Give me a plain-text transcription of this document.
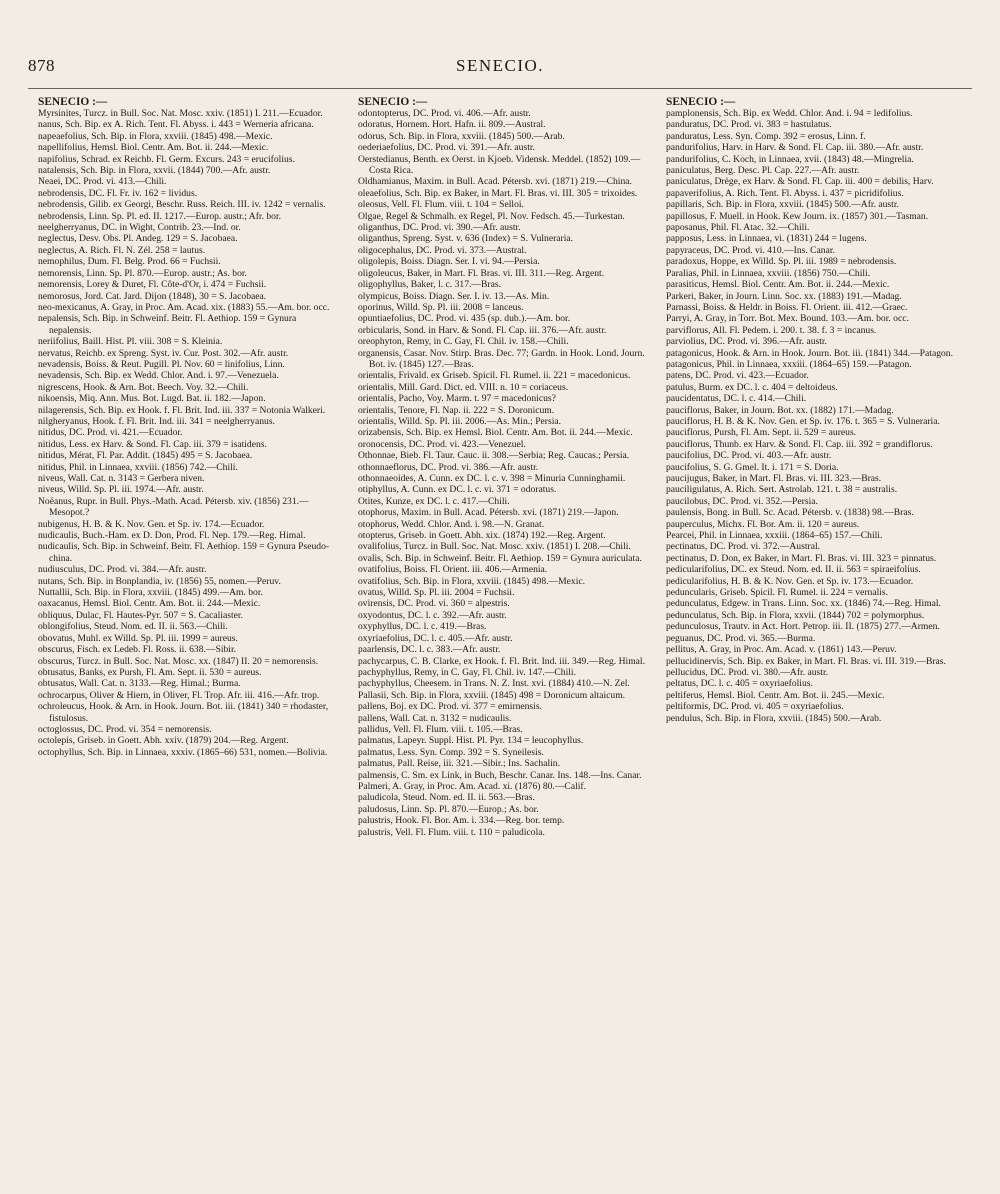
878	SENECIO.
SENECIO :—

Myrsinites, Turcz. in Bull. Soc. Nat. Mosc. xxiv. (1851) I. 211.—Ecuador.

nanus, Sch. Bip. ex A. Rich. Tent. Fl. Abyss. i. 443 = Werneria africana.

napeaefolius, Sch. Bip. in Flora, xxviii. (1845) 498.—Mexic.

napellifolius, Hemsl. Biol. Centr. Am. Bot. ii. 244.—Mexic.

napifolius, Schrad. ex Reichb. Fl. Germ. Excurs. 243 = erucifolius.

natalensis, Sch. Bip. in Flora, xxvii. (1844) 700.—Afr. austr.

Neaei, DC. Prod. vi. 413.—Chili.

nebrodensis, DC. Fl. Fr. iv. 162 = lividus.

nebrodensis, Gilib. ex Georgi, Beschr. Russ. Reich. III. iv. 1242 = vernalis.

nebrodensis, Linn. Sp. Pl. ed. II. 1217.—Europ. austr.; Afr. bor.

neelgherryanus, DC. in Wight, Contrib. 23.—Ind. or.

neglectus, Desv. Obs. Pl. Andeg. 129 = S. Jacobaea.

neglectus, A. Rich. Fl. N. Zél. 258 = lautus.

nemophilus, Dum. Fl. Belg. Prod. 66 = Fuchsii.

nemorensis, Linn. Sp. Pl. 870.—Europ. austr.; As. bor.

nemorensis, Lorey & Duret, Fl. Côte-d'Or, i. 474 = Fuchsii.

nemorosus, Jord. Cat. Jard. Dijon (1848), 30 = S. Jacobaea.

neo-mexicanus, A. Gray, in Proc. Am. Acad. xix. (1883) 55.—Am. bor. occ.

nepalensis, Sch. Bip. in Schweinf. Beitr. Fl. Aethiop. 159 = Gynura nepalensis.

neriifolius, Baill. Hist. Pl. viii. 308 = S. Kleinia.

nervatus, Reichb. ex Spreng. Syst. iv. Cur. Post. 302.—Afr. austr.

nevadensis, Boiss. & Reut. Pugill. Pl. Nov. 60 = linifolius, Linn.

nevadensis, Sch. Bip. ex Wedd. Chlor. And. i. 97.—Venezuela.

nigrescens, Hook. & Arn. Bot. Beech. Voy. 32.—Chili.

nikoensis, Miq. Ann. Mus. Bot. Lugd. Bat. ii. 182.—Japon.

nilagerensis, Sch. Bip. ex Hook. f. Fl. Brit. Ind. iii. 337 = Notonia Walkeri.

nilgheryanus, Hook. f. Fl. Brit. Ind. iii. 341 = neelgherryanus.

nitidus, DC. Prod. vi. 421.—Ecuador.

nitidus, Less. ex Harv. & Sond. Fl. Cap. iii. 379 = isatidens.

nitidus, Mérat, Fl. Par. Addit. (1845) 495 = S. Jacobaea.

nitidus, Phil. in Linnaea, xxviii. (1856) 742.—Chili.

niveus, Wall. Cat. n. 3143 = Gerbera niven.

niveus, Willd. Sp. Pl. iii. 1974.—Afr. austr.

Noëanus, Rupr. in Bull. Phys.-Math. Acad. Pétersb. xiv. (1856) 231.—Mesopot.?

nubigenus, H. B. & K. Nov. Gen. et Sp. iv. 174.—Ecuador.

nudicaulis, Buch.-Ham. ex D. Don, Prod. Fl. Nep. 179.—Reg. Himal.

nudicaulis, Sch. Bip. in Schweinf. Beitr. Fl. Aethiop. 159 = Gynura Pseudo-china.

nudiusculus, DC. Prod. vi. 384.—Afr. austr.

nutans, Sch. Bip. in Bonplandia, iv. (1856) 55, nomen.—Peruv.

Nuttallii, Sch. Bip. in Flora, xxviii. (1845) 499.—Am. bor.

oaxacanus, Hemsl. Biol. Centr. Am. Bot. ii. 244.—Mexic.

obliquus, Dulac, Fl. Hautes-Pyr. 507 = S. Cacaliaster.

oblongifolius, Steud. Nom. ed. II. ii. 563.—Chili.

obovatus, Muhl. ex Willd. Sp. Pl. iii. 1999 = aureus.

obscurus, Fisch. ex Ledeb. Fl. Ross. ii. 638.—Sibir.

obscurus, Turcz. in Bull. Soc. Nat. Mosc. xx. (1847) II. 20 = nemorensis.

obtusatus, Banks, ex Pursh, Fl. Am. Sept. ii. 530 = aureus.

obtusatus, Wall. Cat. n. 3133.—Reg. Himal.; Burma.

ochrocarpus, Oliver & Hiern, in Oliver, Fl. Trop. Afr. iii. 416.—Afr. trop.

ochroleucus, Hook. & Arn. in Hook. Journ. Bot. iii. (1841) 340 = rhodaster, fistulosus.

octoglossus, DC. Prod. vi. 354 = nemorensis.

octolepis, Griseb. in Goett. Abh. xxiv. (1879) 204.—Reg. Argent.

octophyllus, Sch. Bip. in Linnaea, xxxiv. (1865–66) 531, nomen.—Bolivia.

SENECIO :—

odontopterus, DC. Prod. vi. 406.—Afr. austr.

odoratus, Hornem. Hort. Hafn. ii. 809.—Austral.

odorus, Sch. Bip. in Flora, xxviii. (1845) 500.—Arab.

oederiaefolius, DC. Prod. vi. 391.—Afr. austr.

Oerstedianus, Benth. ex Oerst. in Kjoeb. Vidensk. Meddel. (1852) 109.—Costa Rica.

Oldhamianus, Maxim. in Bull. Acad. Pétersb. xvi. (1871) 219.—China.

oleaefolius, Sch. Bip. ex Baker, in Mart. Fl. Bras. vi. III. 305 = trixoides.

oleosus, Vell. Fl. Flum. viii. t. 104 = Selloi.

Olgae, Regel & Schmalh. ex Regel, Pl. Nov. Fedsch. 45.—Turkestan.

oliganthus, DC. Prod. vi. 390.—Afr. austr.

oliganthus, Spreng. Syst. v. 636 (Index) = S. Vulneraria.

oligocephalus, DC. Prod. vi. 373.—Austral.

oligolepis, Boiss. Diagn. Ser. I. vi. 94.—Persia.

oligoleucus, Baker, in Mart. Fl. Bras. vi. III. 311.—Reg. Argent.

oligophyllus, Baker, l. c. 317.—Bras.

olympicus, Boiss. Diagn. Ser. I. iv. 13.—As. Min.

oporinus, Willd. Sp. Pl. iii. 2008 = lanceus.

opuntiaefolius, DC. Prod. vi. 435 (sp. dub.).—Am. bor.

orbicularis, Sond. in Harv. & Sond. Fl. Cap. iii. 376.—Afr. austr.

oreophyton, Remy, in C. Gay, Fl. Chil. iv. 158.—Chili.

organensis, Casar. Nov. Stirp. Bras. Dec. 77; Gardn. in Hook. Lond. Journ. Bot. iv. (1845) 127.—Bras.

orientalis, Frivald. ex Griseb. Spicil. Fl. Rumel. ii. 221 = macedonicus.

orientalis, Mill. Gard. Dict. ed. VIII. n. 10 = coriaceus.

orientalis, Pacho, Voy. Marm. t. 97 = macedonicus?

orientalis, Tenore, Fl. Nap. ii. 222 = S. Doronicum.

orientalis, Willd. Sp. Pl. iii. 2006.—As. Min.; Persia.

orizabensis, Sch. Bip. ex Hemsl. Biol. Centr. Am. Bot. ii. 244.—Mexic.

oronocensis, DC. Prod. vi. 423.—Venezuel.

Othonnae, Bieb. Fl. Taur. Cauc. ii. 308.—Serbia; Reg. Caucas.; Persia.

othonnaeflorus, DC. Prod. vi. 386.—Afr. austr.

othonnaeoides, A. Cunn. ex DC. l. c. v. 398 = Minuria Cunninghamii.

otiphyllus, A. Cunn. ex DC. l. c. vi. 371 = odoratus.

Otites, Kunze, ex DC. l. c. 417.—Chili.

otophorus, Maxim. in Bull. Acad. Pétersb. xvi. (1871) 219.—Japon.

otophorus, Wedd. Chlor. And. i. 98.—N. Granat.

otopterus, Griseb. in Goett. Abh. xix. (1874) 192.—Reg. Argent.

ovalifolius, Turcz. in Bull. Soc. Nat. Mosc. xxiv. (1851) I. 208.—Chili.

ovalis, Sch. Bip. in Schweinf. Beitr. Fl. Aethiop. 159 = Gynura auriculata.

ovatifolius, Boiss. Fl. Orient. iii. 406.—Armenia.

ovatifolius, Sch. Bip. in Flora, xxviii. (1845) 498.—Mexic.

ovatus, Willd. Sp. Pl. iii. 2004 = Fuchsii.

ovirensis, DC. Prod. vi. 360 = alpestris.

oxyodontus, DC. l. c. 392.—Afr. austr.

oxyphyllus, DC. l. c. 419.—Bras.

oxyriaefolius, DC. l. c. 405.—Afr. austr.

paarlensis, DC. l. c. 383.—Afr. austr.

pachycarpus, C. B. Clarke, ex Hook. f. Fl. Brit. Ind. iii. 349.—Reg. Himal.

pachyphyllus, Remy, in C. Gay, Fl. Chil. iv. 147.—Chili.

pachyphyllus, Cheesem. in Trans. N. Z. Inst. xvi. (1884) 410.—N. Zel.

Pallasii, Sch. Bip. in Flora, xxviii. (1845) 498 = Doronicum altaicum.

pallens, Boj. ex DC. Prod. vi. 377 = emirnensis.

pallens, Wall. Cat. n. 3132 = nudicaulis.

pallidus, Vell. Fl. Flum. viii. t. 105.—Bras.

palmatus, Lapeyr. Suppl. Hist. Pl. Pyr. 134 = leucophyllus.

palmatus, Less. Syn. Comp. 392 = S. Syneilesis.

palmatus, Pall. Reise, iii. 321.—Sibir.; Ins. Sachalin.

palmensis, C. Sm. ex Link, in Buch, Beschr. Canar. Ins. 148.—Ins. Canar.

Palmeri, A. Gray, in Proc. Am. Acad. xi. (1876) 80.—Calif.

paludicola, Steud. Nom. ed. II. ii. 563.—Bras.

paludosus, Linn. Sp. Pl. 870.—Europ.; As. bor.

palustris, Hook. Fl. Bor. Am. i. 334.—Reg. bor. temp.

palustris, Vell. Fl. Flum. viii. t. 110 = paludicola.

SENECIO :—

pamplonensis, Sch. Bip. ex Wedd. Chlor. And. i. 94 = ledifolius.

panduratus, DC. Prod. vi. 383 = hastulatus.

panduratus, Less. Syn. Comp. 392 = erosus, Linn. f.

pandurifolius, Harv. in Harv. & Sond. Fl. Cap. iii. 380.—Afr. austr.

pandurifolius, C. Koch, in Linnaea, xvii. (1843) 48.—Mingrelia.

paniculatus, Berg. Desc. Pl. Cap. 227.—Afr. austr.

paniculatus, Drège, ex Harv. & Sond. Fl. Cap. iii. 400 = debilis, Harv.

papaverifolius, A. Rich. Tent. Fl. Abyss. i. 437 = picridifolius.

papillaris, Sch. Bip. in Flora, xxviii. (1845) 500.—Afr. austr.

papillosus, F. Muell. in Hook. Kew Journ. ix. (1857) 301.—Tasman.

paposanus, Phil. Fl. Atac. 32.—Chili.

papposus, Less. in Linnaea, vi. (1831) 244 = lugens.

papyraceus, DC. Prod. vi. 410.—Ins. Canar.

paradoxus, Hoppe, ex Willd. Sp. Pl. iii. 1989 = nebrodensis.

Paralias, Phil. in Linnaea, xxviii. (1856) 750.—Chili.

parasiticus, Hemsl. Biol. Centr. Am. Bot. ii. 244.—Mexic.

Parkeri, Baker, in Journ. Linn. Soc. xx. (1883) 191.—Madag.

Parnassi, Boiss. & Heldr. in Boiss. Fl. Orient. iii. 412.—Graec.

Parryi, A. Gray, in Torr. Bot. Mex. Bound. 103.—Am. bor. occ.

parviflorus, All. Fl. Pedem. i. 200. t. 38. f. 3 = incanus.

parviolius, DC. Prod. vi. 396.—Afr. austr.

patagonicus, Hook. & Arn. in Hook. Journ. Bot. iii. (1841) 344.—Patagon.

patagonicus, Phil. in Linnaea, xxxiii. (1864–65) 159.—Patagon.

patens, DC. Prod. vi. 423.—Ecuador.

patulus, Burm. ex DC. l. c. 404 = deltoideus.

paucidentatus, DC. l. c. 414.—Chili.

pauciflorus, Baker, in Journ. Bot. xx. (1882) 171.—Madag.

pauciflorus, H. B. & K. Nov. Gen. et Sp. iv. 176. t. 365 = S. Vulneraria.

pauciflorus, Pursh, Fl. Am. Sept. ii. 529 = aureus.

pauciflorus, Thunb. ex Harv. & Sond. Fl. Cap. iii. 392 = grandiflorus.

paucifolius, DC. Prod. vi. 403.—Afr. austr.

paucifolius, S. G. Gmel. It. i. 171 = S. Doria.

paucijugus, Baker, in Mart. Fl. Bras. vi. III. 323.—Bras.

pauciligulatus, A. Rich. Sert. Astrolab. 121. t. 38 = australis.

paucilobus, DC. Prod. vi. 352.—Persia.

paulensis, Bong. in Bull. Sc. Acad. Pétersb. v. (1838) 98.—Bras.

pauperculus, Michx. Fl. Bor. Am. ii. 120 = aureus.

Pearcei, Phil. in Linnaea, xxxiii. (1864–65) 157.—Chili.

pectinatus, DC. Prod. vi. 372.—Austral.

pectinatus, D. Don, ex Baker, in Mart. Fl. Bras. vi. III. 323 = pinnatus.

pedicularifolius, DC. ex Steud. Nom. ed. II. ii. 563 = spiraeifolius.

pedicularifolius, H. B. & K. Nov. Gen. et Sp. iv. 173.—Ecuador.

peduncularis, Griseb. Spicil. Fl. Rumel. ii. 224 = vernalis.

pedunculatus, Edgew. in Trans. Linn. Soc. xx. (1846) 74.—Reg. Himal.

pedunculatus, Sch. Bip. in Flora, xxvii. (1844) 702 = polymorphus.

pedunculosus, Trautv. in Act. Hort. Petrop. iii. II. (1875) 277.—Armen.

peguanus, DC. Prod. vi. 365.—Burma.

pellitus, A. Gray, in Proc. Am. Acad. v. (1861) 143.—Peruv.

pellucidinervis, Sch. Bip. ex Baker, in Mart. Fl. Bras. vi. III. 319.—Bras.

pellucidus, DC. Prod. vi. 380.—Afr. austr.

peltatus, DC. l. c. 405 = oxyriaefolius.

peltiferus, Hemsl. Biol. Centr. Am. Bot. ii. 245.—Mexic.

peltiformis, DC. Prod. vi. 405 = oxyriaefolius.

pendulus, Sch. Bip. in Flora, xxviii. (1845) 500.—Arab.
